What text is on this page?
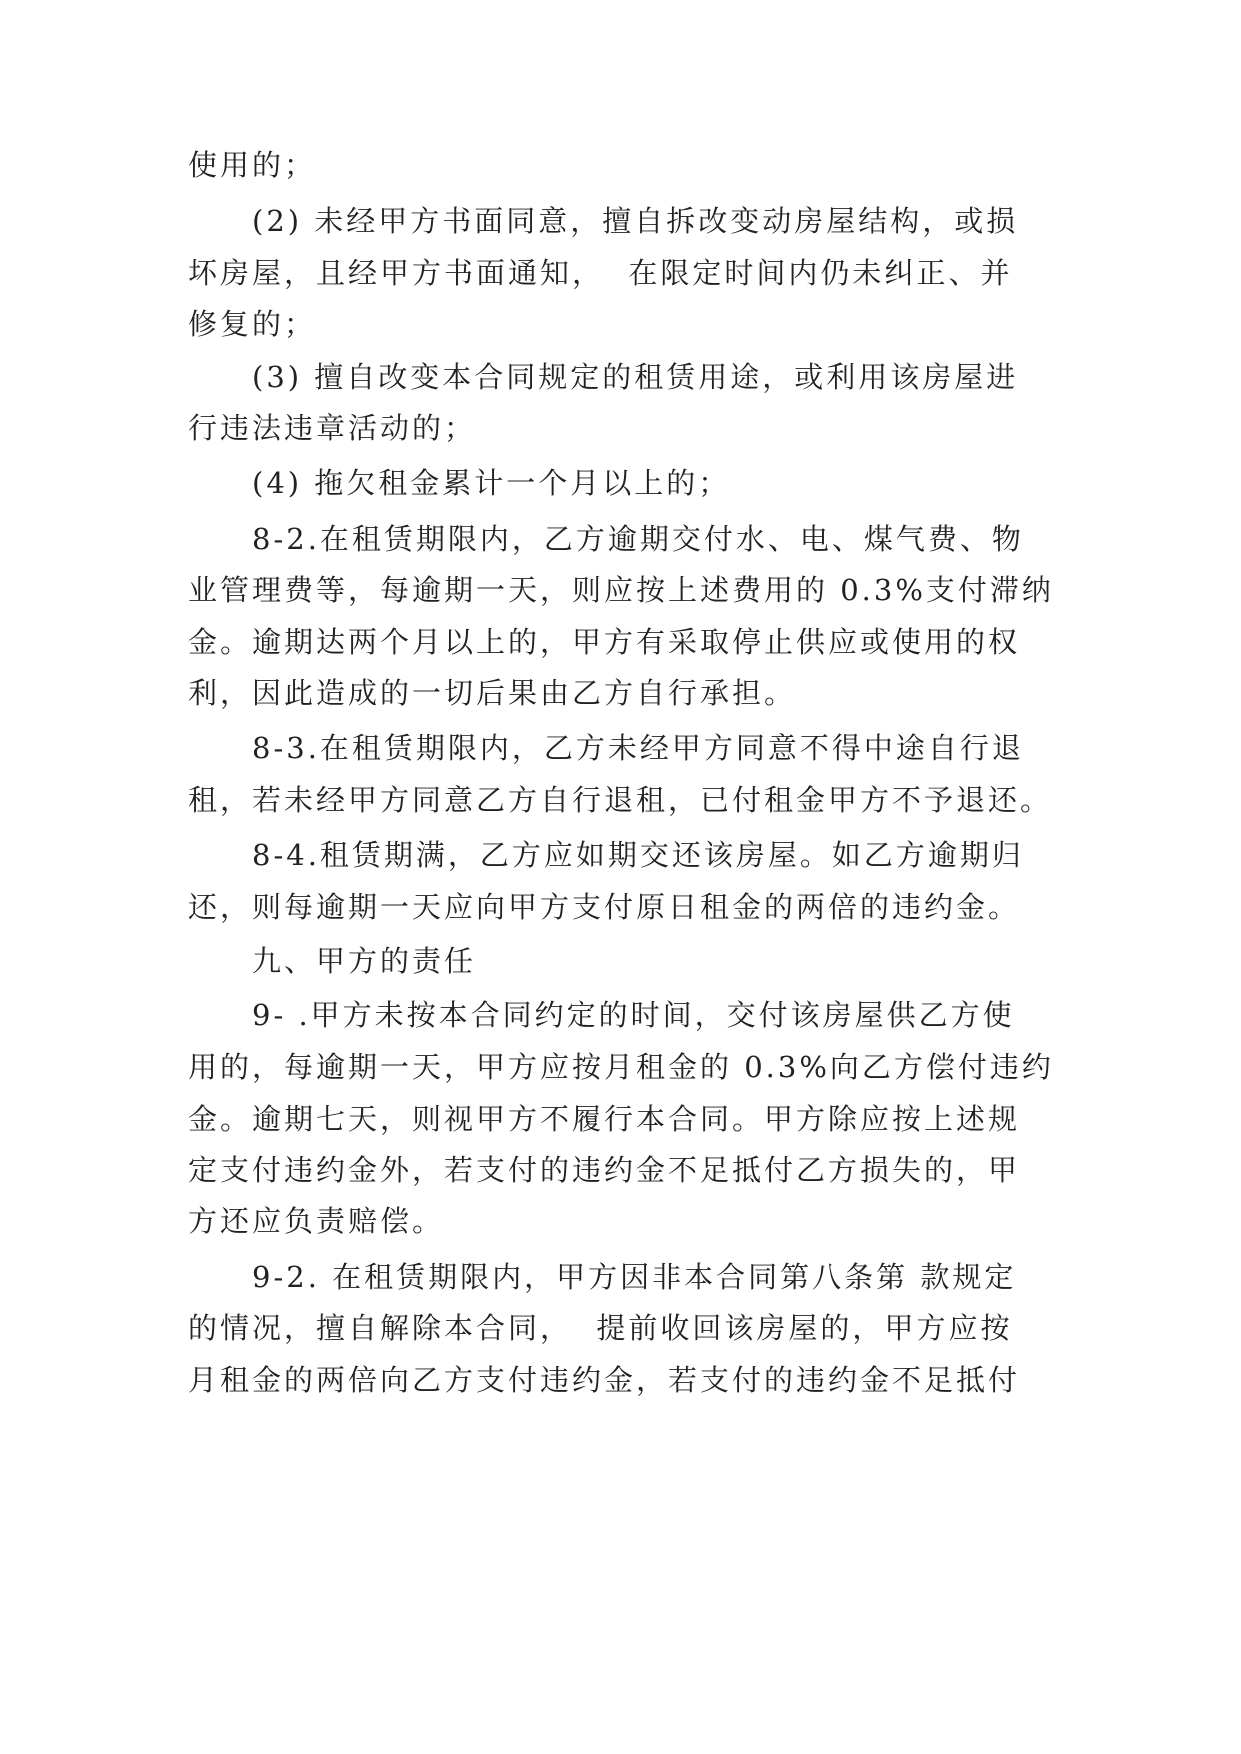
使用的；
(2) 未经甲方书面同意，擅自拆改变动房屋结构，或损
坏房屋，且经甲方书面通知，  在限定时间内仍未纠正、并
修复的；
(3) 擅自改变本合同规定的租赁用途，或利用该房屋进
行违法违章活动的；
(4) 拖欠租金累计一个月以上的；
8-2.在租赁期限内，乙方逾期交付水、电、煤气费、物
业管理费等，每逾期一天，则应按上述费用的 0.3%支付滞纳
金。逾期达两个月以上的，甲方有采取停止供应或使用的权
利，因此造成的一切后果由乙方自行承担。
8-3.在租赁期限内，乙方未经甲方同意不得中途自行退
租，若未经甲方同意乙方自行退租，已付租金甲方不予退还。
8-4.租赁期满，乙方应如期交还该房屋。如乙方逾期归
还，则每逾期一天应向甲方支付原日租金的两倍的违约金。
九、甲方的责任
9- .甲方未按本合同约定的时间，交付该房屋供乙方使
用的，每逾期一天，甲方应按月租金的 0.3%向乙方偿付违约
金。逾期七天，则视甲方不履行本合同。甲方除应按上述规
定支付违约金外，若支付的违约金不足抵付乙方损失的，甲
方还应负责赔偿。
9-2. 在租赁期限内，甲方因非本合同第八条第 款规定
的情况，擅自解除本合同，  提前收回该房屋的，甲方应按
月租金的两倍向乙方支付违约金，若支付的违约金不足抵付
